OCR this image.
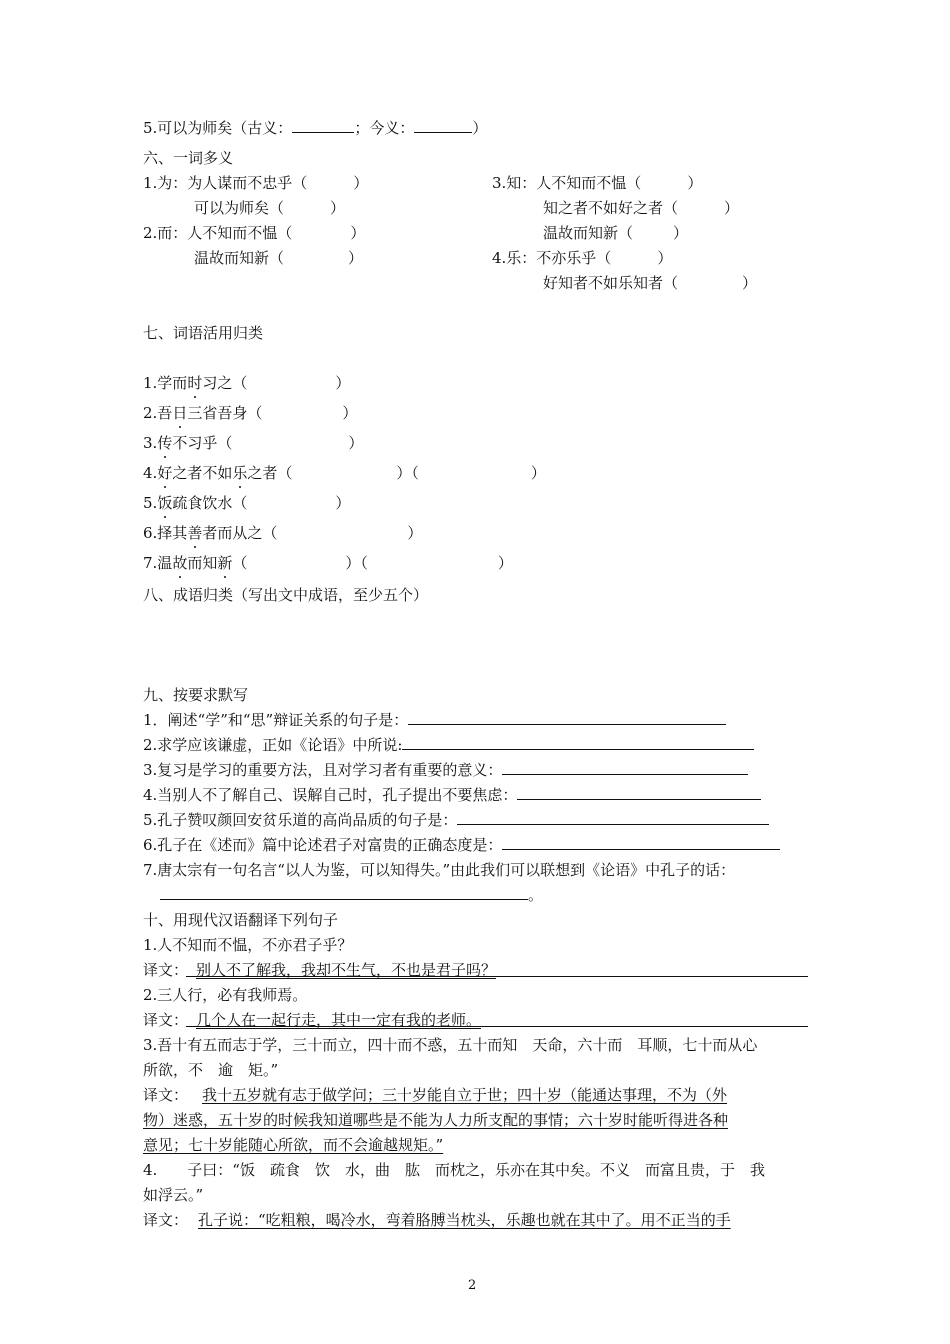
5.可以为师矣（古义：	；今义：	）
六、一词多义
1.为：为人谋而不忠乎（	）
可以为师矣（	）
2.而：人不知而不愠（	）
温故而知新（	）
3.知：人不知而不愠（	）
知之者不如好之者（	）
温故而知新（	）
4.乐：不亦乐乎（	）
好知者不如乐知者（	）
七、词语活用归类
1.学而时习之（	）
2.吾日三省吾身（	）
3.传不习乎（	）
4.好之者不如乐之者（	）（	）
5.饭疏食饮水（	）
6.择其善者而从之（	）
7.温故而知新（	）（	）
八、成语归类（写出文中成语，至少五个）
九、按要求默写
1．阐述“学”和“思”辩证关系的句子是：
2.求学应该谦虚，正如《论语》中所说:
3.复习是学习的重要方法，且对学习者有重要的意义：
4.当别人不了解自己、误解自己时，孔子提出不要焦虑：
5.孔子赞叹颜回安贫乐道的高尚品质的句子是：
6.孔子在《述而》篇中论述君子对富贵的正确态度是：
7.唐太宗有一句名言“以人为鉴，可以知得失。”由此我们可以联想到《论语》中孔子的话：
。
十、用现代汉语翻译下列句子
1.人不知而不愠，不亦君子乎？
译文： 别人不了解我，我却不生气，不也是君子吗？
2.三人行，必有我师焉。
译文： 几个人在一起行走，其中一定有我的老师。
3.吾十有五而志于学，三十而立，四十而不惑，五十而知　天命，六十而　耳顺，七十而从心
所欲，不　逾　矩。”
译文： 我十五岁就有志于做学问；三十岁能自立于世；四十岁（能通达事理，不为（外
物）迷惑，五十岁的时候我知道哪些是不能为人力所支配的事情；六十岁时能听得进各种
意见；七十岁能随心所欲，而不会逾越规矩。”
4.　　子曰：“饭　疏食　饮　水，曲　肱　而枕之，乐亦在其中矣。不义　而富且贵，于　我
如浮云。”
译文： 孔子说：“吃粗粮，喝冷水，弯着胳膊当枕头，乐趣也就在其中了。用不正当的手
2
